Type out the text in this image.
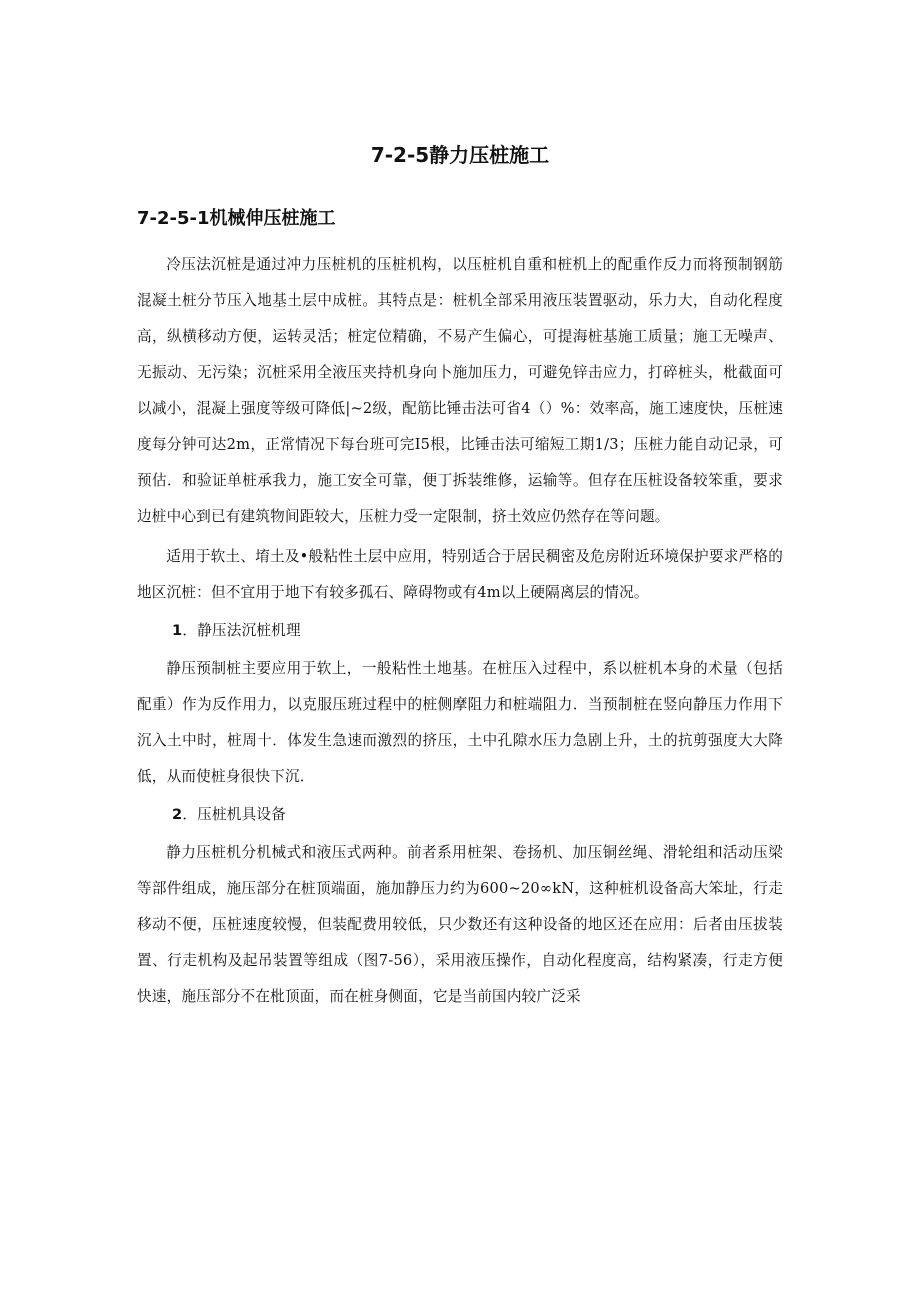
7-2-5静力压桩施工
7-2-5-1机械伸压桩施工

冷压法沉桩是通过冲力压桩机的压桩机构，以压桩机自重和桩机上的配重作反力而将预制钢筋混凝土桩分节压入地基土层中成桩。其特点是：桩机全部采用液压装置驱动，乐力大，自动化程度高，纵横移动方便，运转灵活；桩定位精确，不易产生偏心，可提海桩基施工质量；施工无噪声、无振动、无污染；沉桩采用全液压夹持机身向卜施加压力，可避免锌击应力，打碎桩头，枇截面可以减小，混凝上强度等级可降低|~2级，配筋比锤击法可省4（）%：效率高，施工速度快，压桩速度每分钟可达2m，正常情况下每台班可完I5根，比锤击法可缩短工期1/3；压桩力能自动记录，可预估．和验证单桩承我力，施工安全可靠，便丁拆装维修，运输等。但存在压桩设备较笨重，要求边桩中心到已有建筑物间距较大，压桩力受一定限制，挤土效应仍然存在等问题。

适用于软土、堉土及•般粘性土层中应用，特别适合于居民稠密及危房附近环境保护要求严格的地区沉桩：但不宜用于地下有较多孤石、障碍物或有4m以上硬隔离层的情况。

1．静压法沉桩机理

静压预制桩主要应用于软上，一般粘性土地基。在桩压入过程中，系以桩机本身的术量（包括配重）作为反作用力，以克服压班过程中的桩侧摩阻力和桩端阻力．当预制桩在竖向静压力作用下沉入土中时，桩周十．体发生急速而激烈的挤压，土中孔隙水压力急剧上升，土的抗剪强度大大降低，从而使桩身很快下沉．

2．压桩机具设备

静力压桩机分机械式和液压式两种。前者系用桩架、卷扬机、加压铜丝绳、滑轮组和活动压梁等部件组成，施压部分在桩顶端面，施加静压力约为600~20∞kN，这种桩机设备高大笨址，行走移动不便，压桩速度较慢，但装配费用较低，只少数还有这种设备的地区还在应用：后者由压拔装置、行走机构及起吊装置等组成（图7-56），采用液压操作，自动化程度高，结构紧凑，行走方便快速，施压部分不在枇顶面，而在桩身侧面，它是当前国内较广泛采
